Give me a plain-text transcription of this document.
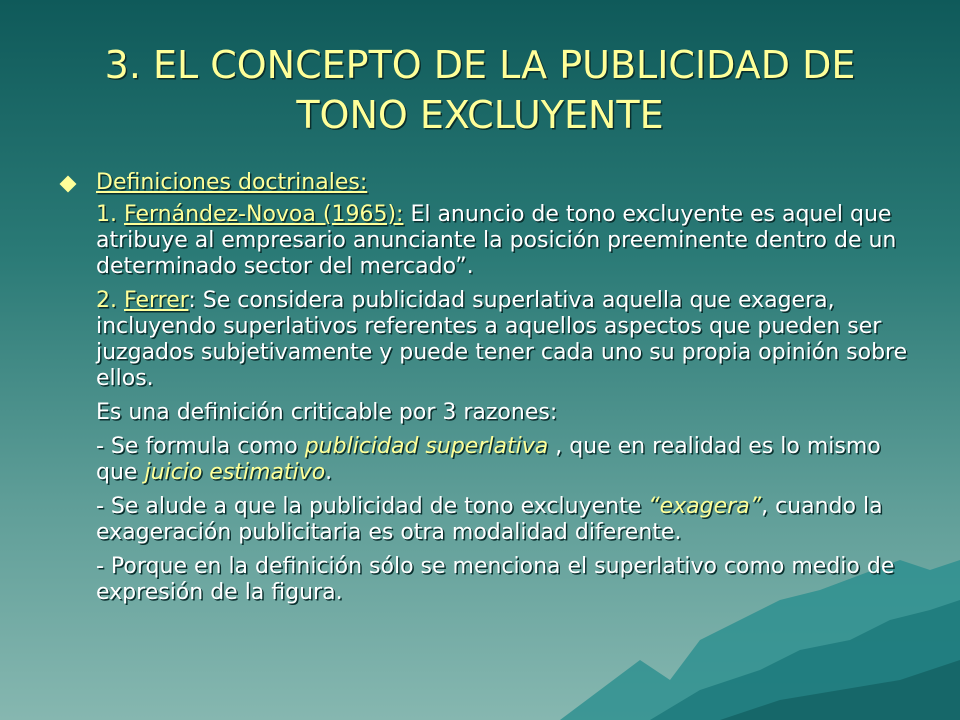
3. EL CONCEPTO DE LA PUBLICIDAD DE
TONO EXCLUYENTE
Definiciones doctrinales:
1. Fernández-Novoa (1965): El anuncio de tono excluyente es aquel que atribuye al empresario anunciante la posición preeminente dentro de un determinado sector del mercado”.
2. Ferrer: Se considera publicidad superlativa aquella que exagera, incluyendo superlativos referentes a aquellos aspectos que pueden ser juzgados subjetivamente y puede tener cada uno su propia opinión sobre ellos.
Es una definición criticable por 3 razones:
- Se formula como publicidad superlativa , que en realidad es lo mismo que juicio estimativo.
- Se alude a que la publicidad de tono excluyente “exagera”, cuando la exageración publicitaria es otra modalidad diferente.
- Porque en la definición sólo se menciona el superlativo como medio de expresión de la figura.
